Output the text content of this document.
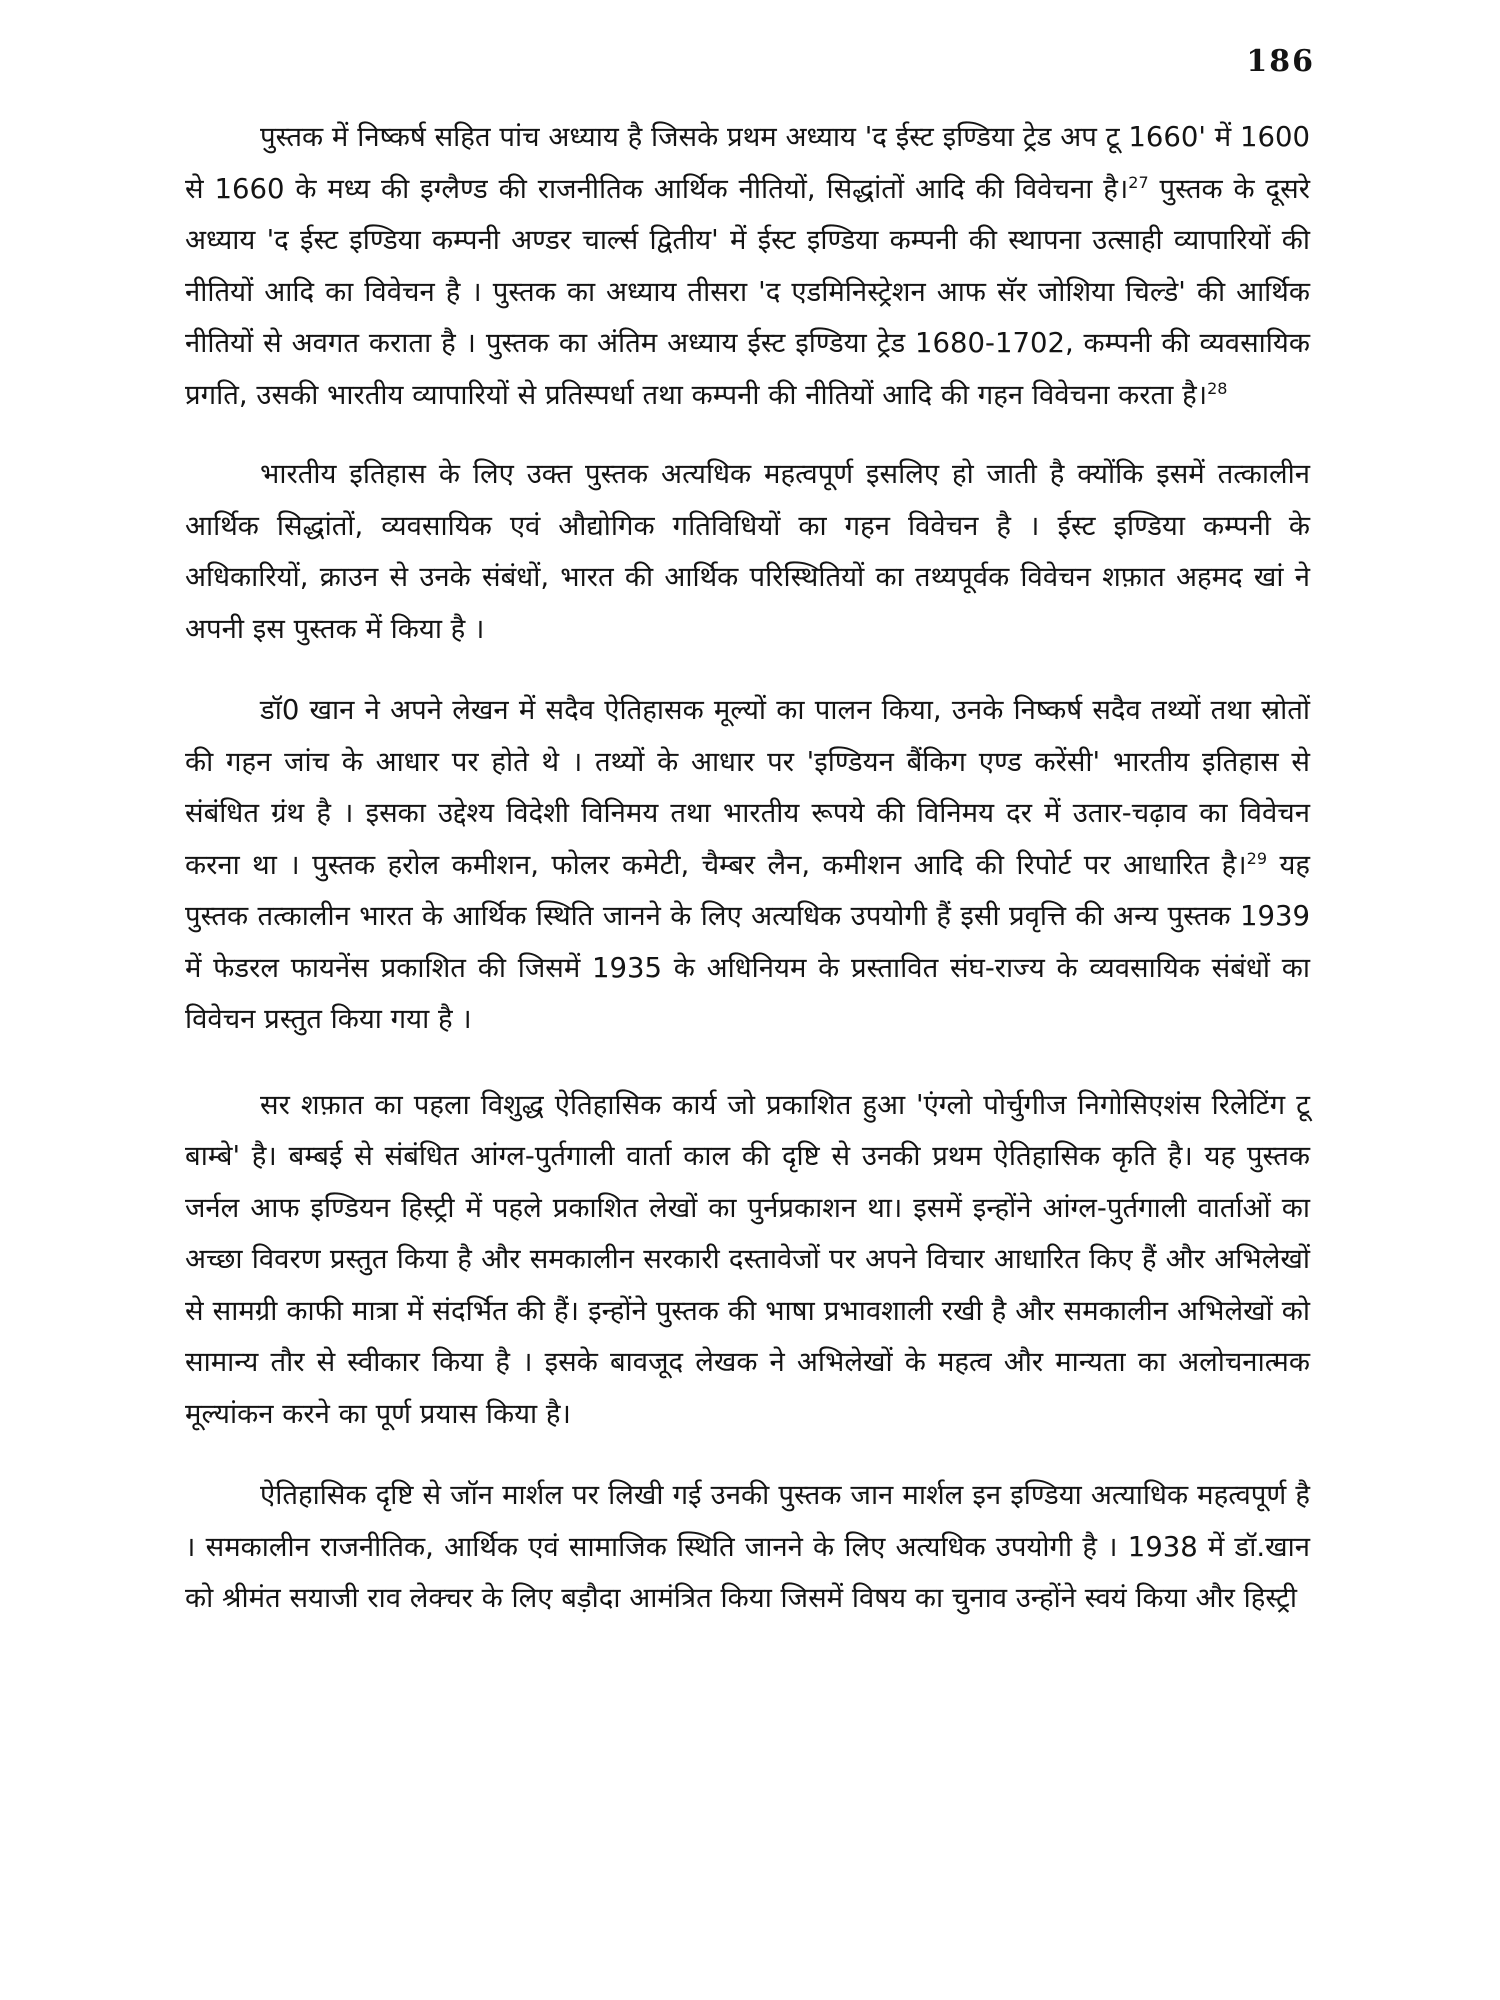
186

पुस्तक में निष्कर्ष सहित पांच अध्याय है जिसके प्रथम अध्याय 'द ईस्ट इण्डिया ट्रेड अप टू 1660' में 1600 से 1660 के मध्य की इग्लैण्ड की राजनीतिक आर्थिक नीतियों, सिद्धांतों आदि की विवेचना है।$^{27}$ पुस्तक के दूसरे अध्याय 'द ईस्ट इण्डिया कम्पनी अण्डर चार्ल्स द्वितीय' में ईस्ट इण्डिया कम्पनी की स्थापना उत्साही व्यापारियों की नीतियों आदि का विवेचन है । पुस्तक का अध्याय तीसरा 'द एडमिनिस्ट्रेशन आफ सॅर जोशिया चिल्डे' की आर्थिक नीतियों से अवगत कराता है । पुस्तक का अंतिम अध्याय ईस्ट इण्डिया ट्रेड 1680-1702, कम्पनी की व्यवसायिक प्रगति, उसकी भारतीय व्यापारियों से प्रतिस्पर्धा तथा कम्पनी की नीतियों आदि की गहन विवेचना करता है।$^{28}$

भारतीय इतिहास के लिए उक्त पुस्तक अत्यधिक महत्वपूर्ण इसलिए हो जाती है क्योंकि इसमें तत्कालीन आर्थिक सिद्धांतों, व्यवसायिक एवं औद्योगिक गतिविधियों का गहन विवेचन है । ईस्ट इण्डिया कम्पनी के अधिकारियों, क्राउन से उनके संबंधों, भारत की आर्थिक परिस्थितियों का तथ्यपूर्वक विवेचन शफ़ात अहमद खां ने अपनी इस पुस्तक में किया है ।

डॉ0 खान ने अपने लेखन में सदैव ऐतिहासक मूल्यों का पालन किया, उनके निष्कर्ष सदैव तथ्यों तथा स्रोतों की गहन जांच के आधार पर होते थे । तथ्यों के आधार पर 'इण्डियन बैंकिग एण्ड करेंसी' भारतीय इतिहास से संबंधित ग्रंथ है । इसका उद्देश्य विदेशी विनिमय तथा भारतीय रूपये की विनिमय दर में उतार-चढ़ाव का विवेचन करना था । पुस्तक हरोल कमीशन, फोलर कमेटी, चैम्बर लैन, कमीशन आदि की रिपोर्ट पर आधारित है।$^{29}$ यह पुस्तक तत्कालीन भारत के आर्थिक स्थिति जानने के लिए अत्यधिक उपयोगी हैं इसी प्रवृत्ति की अन्य पुस्तक 1939 में फेडरल फायनेंस प्रकाशित की जिसमें 1935 के अधिनियम के प्रस्तावित संघ-राज्य के व्यवसायिक संबंधों का विवेचन प्रस्तुत किया गया है ।

सर शफ़ात का पहला विशुद्ध ऐतिहासिक कार्य जो प्रकाशित हुआ 'एंग्लो पोर्चुगीज निगोसिएशंस रिलेटिंग टू बाम्बे' है। बम्बई से संबंधित आंग्ल-पुर्तगाली वार्ता काल की दृष्टि से उनकी प्रथम ऐतिहासिक कृति है। यह पुस्तक जर्नल आफ इण्डियन हिस्ट्री में पहले प्रकाशित लेखों का पुर्नप्रकाशन था। इसमें इन्होंने आंग्ल-पुर्तगाली वार्ताओं का अच्छा विवरण प्रस्तुत किया है और समकालीन सरकारी दस्तावेजों पर अपने विचार आधारित किए हैं और अभिलेखों से सामग्री काफी मात्रा में संदर्भित की हैं। इन्होंने पुस्तक की भाषा प्रभावशाली रखी है और समकालीन अभिलेखों को सामान्य तौर से स्वीकार किया है । इसके बावजूद लेखक ने अभिलेखों के महत्व और मान्यता का अलोचनात्मक मूल्यांकन करने का पूर्ण प्रयास किया है।

ऐतिहासिक दृष्टि से जॉन मार्शल पर लिखी गई उनकी पुस्तक जान मार्शल इन इण्डिया अत्याधिक महत्वपूर्ण है । समकालीन राजनीतिक, आर्थिक एवं सामाजिक स्थिति जानने के लिए अत्यधिक उपयोगी है । 1938 में डॉ.खान को श्रीमंत सयाजी राव लेक्चर के लिए बड़ौदा आमंत्रित किया जिसमें विषय का चुनाव उन्होंने स्वयं किया और हिस्ट्री
